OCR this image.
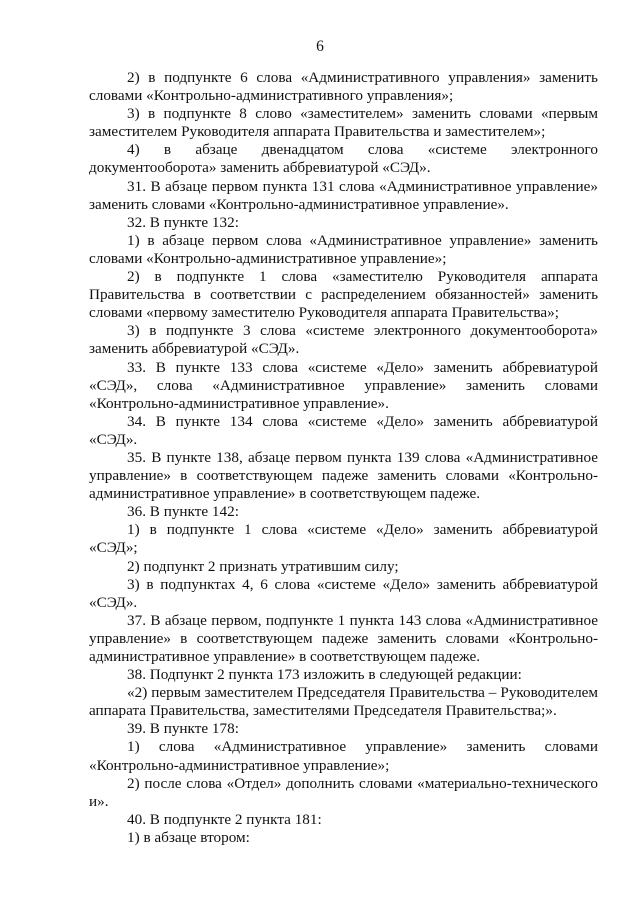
6

2) в подпункте 6 слова «Административного управления» заменить словами «Контрольно-административного управления»;

3) в подпункте 8 слово «заместителем» заменить словами «первым заместителем Руководителя аппарата Правительства и заместителем»;

4) в абзаце двенадцатом слова «системе электронного документооборота» заменить аббревиатурой «СЭД».

31. В абзаце первом пункта 131 слова «Административное управление» заменить словами «Контрольно-административное управление».

32. В пункте 132:

1) в абзаце первом слова «Административное управление» заменить словами «Контрольно-административное управление»;

2) в подпункте 1 слова «заместителю Руководителя аппарата Правительства в соответствии с распределением обязанностей» заменить словами «первому заместителю Руководителя аппарата Правительства»;

3) в подпункте 3 слова «системе электронного документооборота» заменить аббревиатурой «СЭД».

33. В пункте 133 слова «системе «Дело» заменить аббревиатурой «СЭД», слова «Административное управление» заменить словами «Контрольно-административное управление».

34. В пункте 134 слова «системе «Дело» заменить аббревиатурой «СЭД».

35. В пункте 138, абзаце первом пункта 139 слова «Административное управление» в соответствующем падеже заменить словами «Контрольно-административное управление» в соответствующем падеже.

36. В пункте 142:

1) в подпункте 1 слова «системе «Дело» заменить аббревиатурой «СЭД»;

2) подпункт 2 признать утратившим силу;

3) в подпунктах 4, 6 слова «системе «Дело» заменить аббревиатурой «СЭД».

37. В абзаце первом, подпункте 1 пункта 143 слова «Административное управление» в соответствующем падеже заменить словами «Контрольно-административное управление» в соответствующем падеже.

38. Подпункт 2 пункта 173 изложить в следующей редакции:

«2) первым заместителем Председателя Правительства – Руководителем аппарата Правительства, заместителями Председателя Правительства;».

39. В пункте 178:

1) слова «Административное управление» заменить словами «Контрольно-административное управление»;

2) после слова «Отдел» дополнить словами «материально-технического и».

40. В подпункте 2 пункта 181:

1) в абзаце втором:
